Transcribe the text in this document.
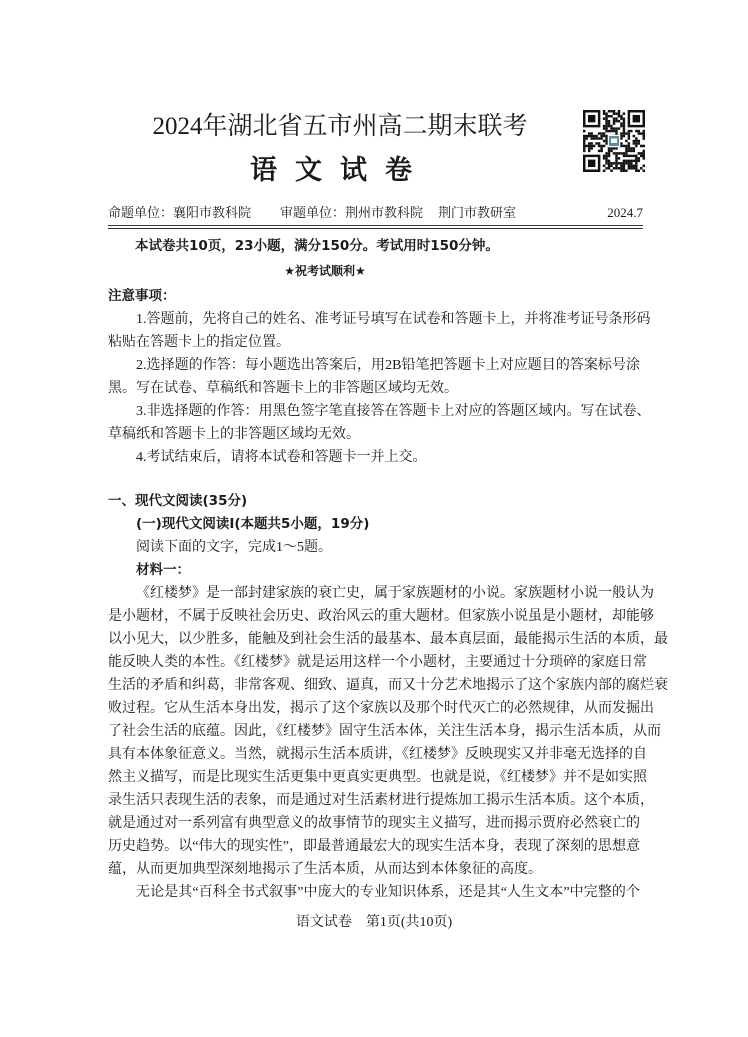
2024年湖北省五市州高二期末联考
语文试卷
命题单位：襄阳市教科院 审题单位：荆州市教科院 荆门市教研室	2024.7
本试卷共10页，23小题，满分150分。考试用时150分钟。
★祝考试顺利★
注意事项：
1.答题前，先将自己的姓名、准考证号填写在试卷和答题卡上，并将准考证号条形码
粘贴在答题卡上的指定位置。
2.选择题的作答：每小题选出答案后，用2B铅笔把答题卡上对应题目的答案标号涂
黑。写在试卷、草稿纸和答题卡上的非答题区域均无效。
3.非选择题的作答：用黑色签字笔直接答在答题卡上对应的答题区域内。写在试卷、
草稿纸和答题卡上的非答题区域均无效。
4.考试结束后，请将本试卷和答题卡一并上交。
一、现代文阅读(35分)
(一)现代文阅读Ⅰ(本题共5小题，19分)
阅读下面的文字，完成1～5题。
材料一：
《红楼梦》是一部封建家族的衰亡史，属于家族题材的小说。家族题材小说一般认为
是小题材，不属于反映社会历史、政治风云的重大题材。但家族小说虽是小题材，却能够
以小见大，以少胜多，能触及到社会生活的最基本、最本真层面，最能揭示生活的本质，最
能反映人类的本性。《红楼梦》就是运用这样一个小题材，主要通过十分琐碎的家庭日常
生活的矛盾和纠葛，非常客观、细致、逼真，而又十分艺术地揭示了这个家族内部的腐烂衰
败过程。它从生活本身出发，揭示了这个家族以及那个时代灭亡的必然规律，从而发掘出
了社会生活的底蕴。因此，《红楼梦》固守生活本体，关注生活本身，揭示生活本质，从而
具有本体象征意义。当然，就揭示生活本质讲，《红楼梦》反映现实又并非毫无选择的自
然主义描写，而是比现实生活更集中更真实更典型。也就是说，《红楼梦》并不是如实照
录生活只表现生活的表象，而是通过对生活素材进行提炼加工揭示生活本质。这个本质，
就是通过对一系列富有典型意义的故事情节的现实主义描写，进而揭示贾府必然衰亡的
历史趋势。以“伟大的现实性”，即最普通最宏大的现实生活本身，表现了深刻的思想意
蕴，从而更加典型深刻地揭示了生活本质，从而达到本体象征的高度。
无论是其“百科全书式叙事”中庞大的专业知识体系，还是其“人生文本”中完整的个
语文试卷　第1页(共10页)
